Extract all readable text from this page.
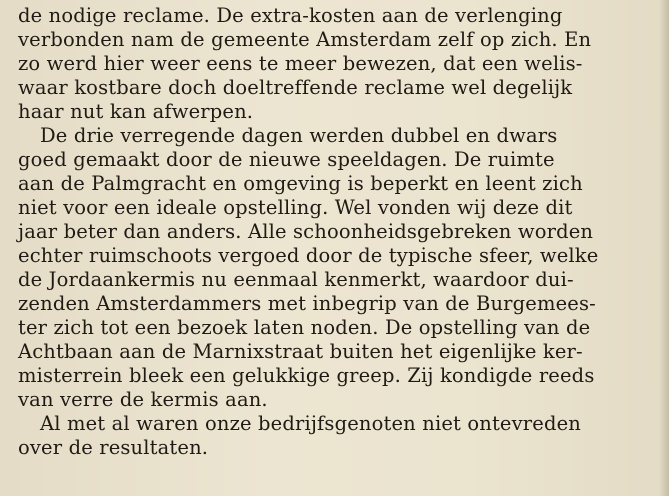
de nodige reclame. De extra-kosten aan de verlenging
verbonden nam de gemeente Amsterdam zelf op zich. En
zo werd hier weer eens te meer bewezen, dat een welis-
waar kostbare doch doeltreffende reclame wel degelijk
haar nut kan afwerpen.
De drie verregende dagen werden dubbel en dwars
goed gemaakt door de nieuwe speeldagen. De ruimte
aan de Palmgracht en omgeving is beperkt en leent zich
niet voor een ideale opstelling. Wel vonden wij deze dit
jaar beter dan anders. Alle schoonheidsgebreken worden
echter ruimschoots vergoed door de typische sfeer, welke
de Jordaankermis nu eenmaal kenmerkt, waardoor dui-
zenden Amsterdammers met inbegrip van de Burgemees-
ter zich tot een bezoek laten noden. De opstelling van de
Achtbaan aan de Marnixstraat buiten het eigenlijke ker-
misterrein bleek een gelukkige greep. Zij kondigde reeds
van verre de kermis aan.
Al met al waren onze bedrijfsgenoten niet ontevreden
over de resultaten.
